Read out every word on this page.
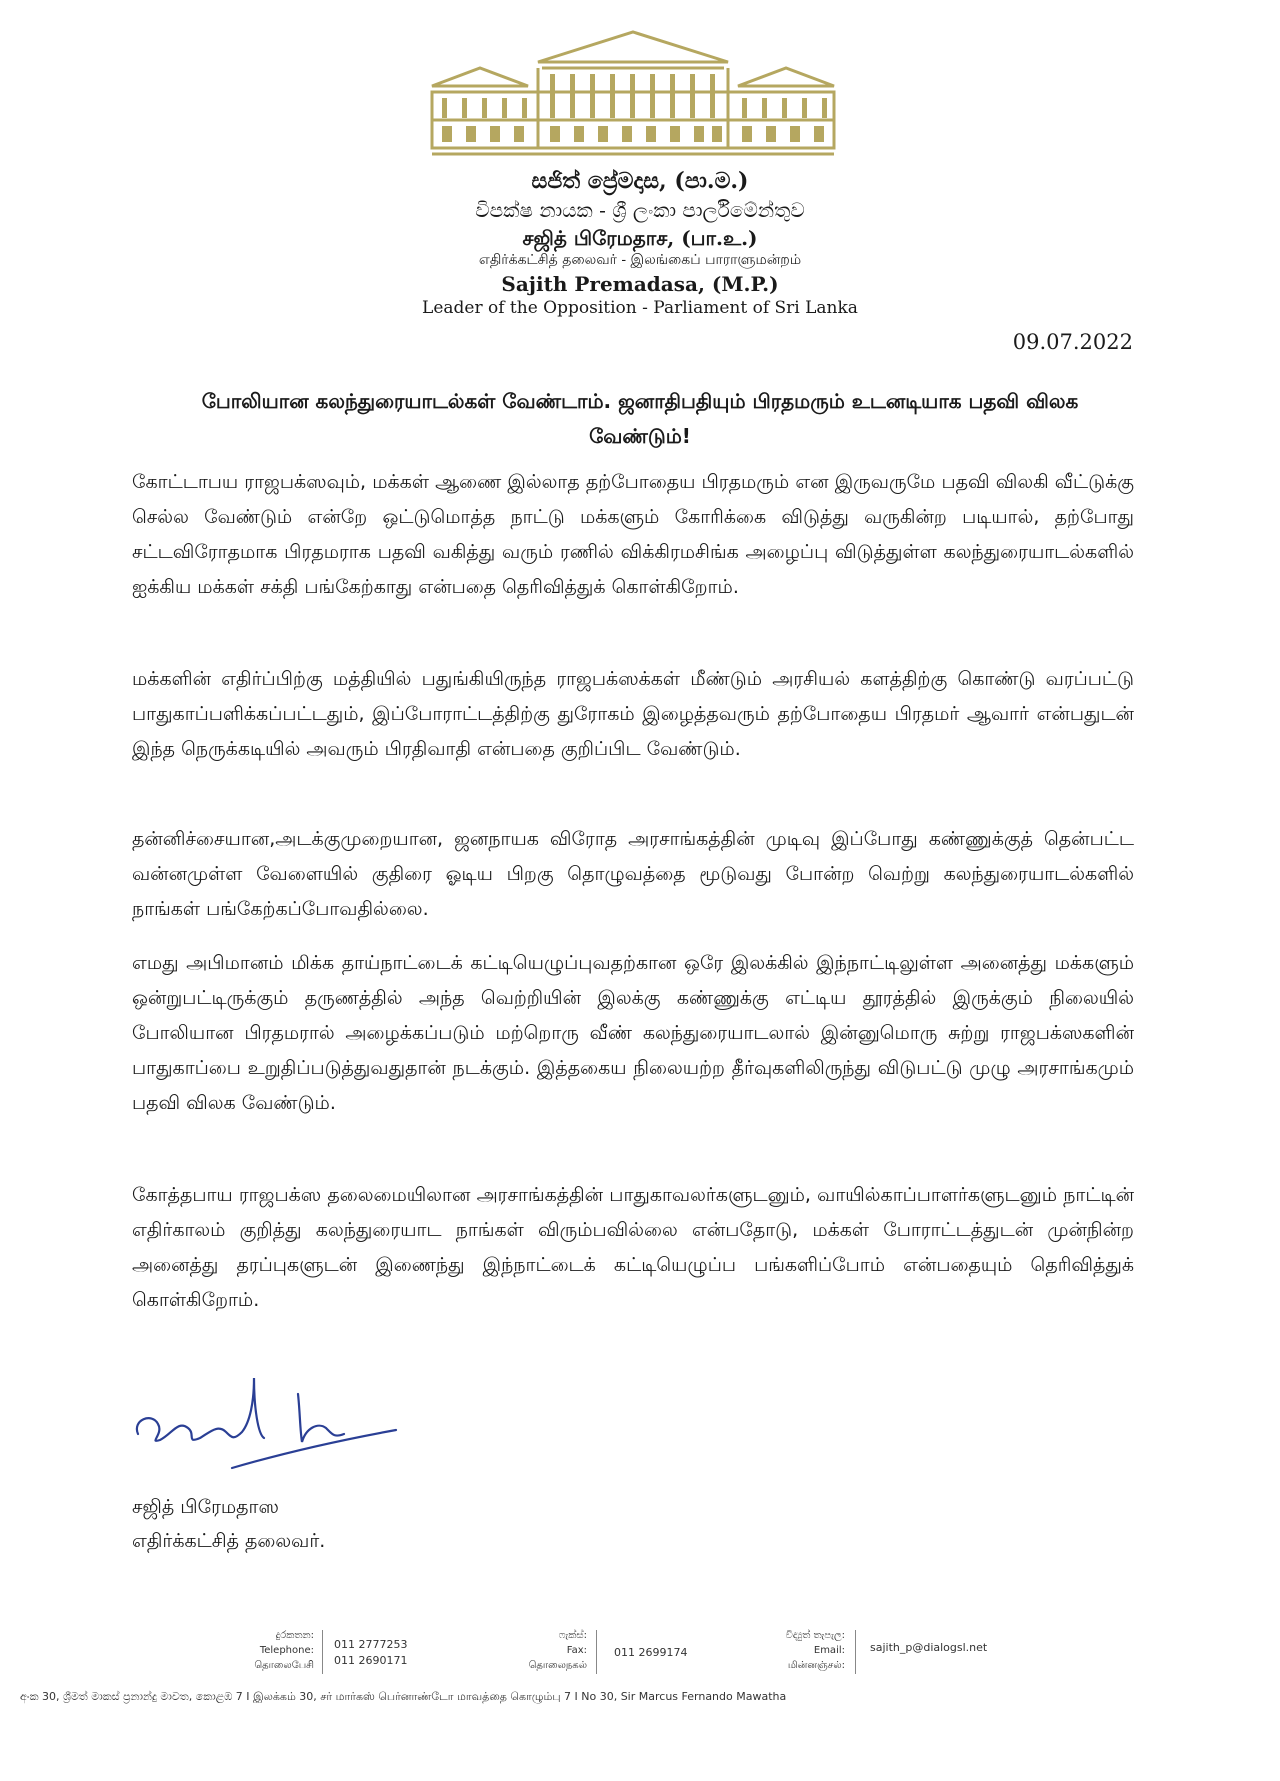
සජිත් ප්‍රේමදාස, (පා.ම.)
විපක්ෂ නායක - ශ්‍රී ලංකා පාර්ලිමේන්තුව
சஜித் பிரேமதாச, (பா.உ.)
எதிர்க்கட்சித் தலைவர் - இலங்கைப் பாராளுமன்றம்
Sajith Premadasa, (M.P.)
Leader of the Opposition - Parliament of Sri Lanka
09.07.2022
போலியான கலந்துரையாடல்கள் வேண்டாம். ஜனாதிபதியும் பிரதமரும் உடனடியாக பதவி விலக வேண்டும்!

கோட்டாபய ராஜபக்ஸவும், மக்கள் ஆணை இல்லாத தற்போதைய பிரதமரும் என இருவருமே பதவி விலகி வீட்டுக்கு செல்ல வேண்டும் என்றே ஒட்டுமொத்த நாட்டு மக்களும் கோரிக்கை விடுத்து வருகின்ற படியால், தற்போது சட்டவிரோதமாக பிரதமராக பதவி வகித்து வரும் ரணில் விக்கிரமசிங்க அழைப்பு விடுத்துள்ள கலந்துரையாடல்களில் ஐக்கிய மக்கள் சக்தி பங்கேற்காது என்பதை தெரிவித்துக் கொள்கிறோம்.

மக்களின் எதிர்ப்பிற்கு மத்தியில் பதுங்கியிருந்த ராஜபக்ஸக்கள் மீண்டும் அரசியல் களத்திற்கு கொண்டு வரப்பட்டு பாதுகாப்பளிக்கப்பட்டதும், இப்போராட்டத்திற்கு துரோகம் இழைத்தவரும் தற்போதைய பிரதமர் ஆவார் என்பதுடன் இந்த நெருக்கடியில் அவரும் பிரதிவாதி என்பதை குறிப்பிட வேண்டும்.

தன்னிச்சையான,அடக்குமுறையான, ஜனநாயக விரோத அரசாங்கத்தின் முடிவு இப்போது கண்ணுக்குத் தென்பட்ட வன்னமுள்ள வேளையில் குதிரை ஓடிய பிறகு தொழுவத்தை மூடுவது போன்ற வெற்று கலந்துரையாடல்களில் நாங்கள் பங்கேற்கப்போவதில்லை.

எமது அபிமானம் மிக்க தாய்நாட்டைக் கட்டியெழுப்புவதற்கான ஒரே இலக்கில் இந்நாட்டிலுள்ள அனைத்து மக்களும் ஒன்றுபட்டிருக்கும் தருணத்தில் அந்த வெற்றியின் இலக்கு கண்ணுக்கு எட்டிய தூரத்தில் இருக்கும் நிலையில் போலியான பிரதமரால் அழைக்கப்படும் மற்றொரு வீண் கலந்துரையாடலால் இன்னுமொரு சுற்று ராஜபக்ஸகளின் பாதுகாப்பை உறுதிப்படுத்துவதுதான் நடக்கும். இத்தகைய நிலையற்ற தீர்வுகளிலிருந்து விடுபட்டு முழு அரசாங்கமும் பதவி விலக வேண்டும்.

கோத்தபாய ராஜபக்ஸ தலைமையிலான அரசாங்கத்தின் பாதுகாவலர்களுடனும், வாயில்காப்பாளர்களுடனும் நாட்டின் எதிர்காலம் குறித்து கலந்துரையாட நாங்கள் விரும்பவில்லை என்பதோடு, மக்கள் போராட்டத்துடன் முன்நின்ற அனைத்து தரப்புகளுடன் இணைந்து இந்நாட்டைக் கட்டியெழுப்ப பங்களிப்போம் என்பதையும் தெரிவித்துக் கொள்கிறோம்.

சஜித் பிரேமதாஸ
எதிர்க்கட்சித் தலைவர்.
දුරකතන:
Telephone:
தொலைபேசி
011 2777253
011 2690171
ෆැක්ස්:
Fax:
தொலைநகல்
011 2699174
විද්‍යුත් තැපැල:
Email:
மின்னஞ்சல்:
sajith_p@dialogsl.net
අංක 30, ශ්‍රීමත් මාකස් ප්‍රනාන්දු මාවත, කොළඹ 7 I இலக்கம் 30, சர் மார்கஸ் பெர்னாண்டோ மாவத்தை கொழும்பு 7 I No 30, Sir Marcus Fernando Mawatha
